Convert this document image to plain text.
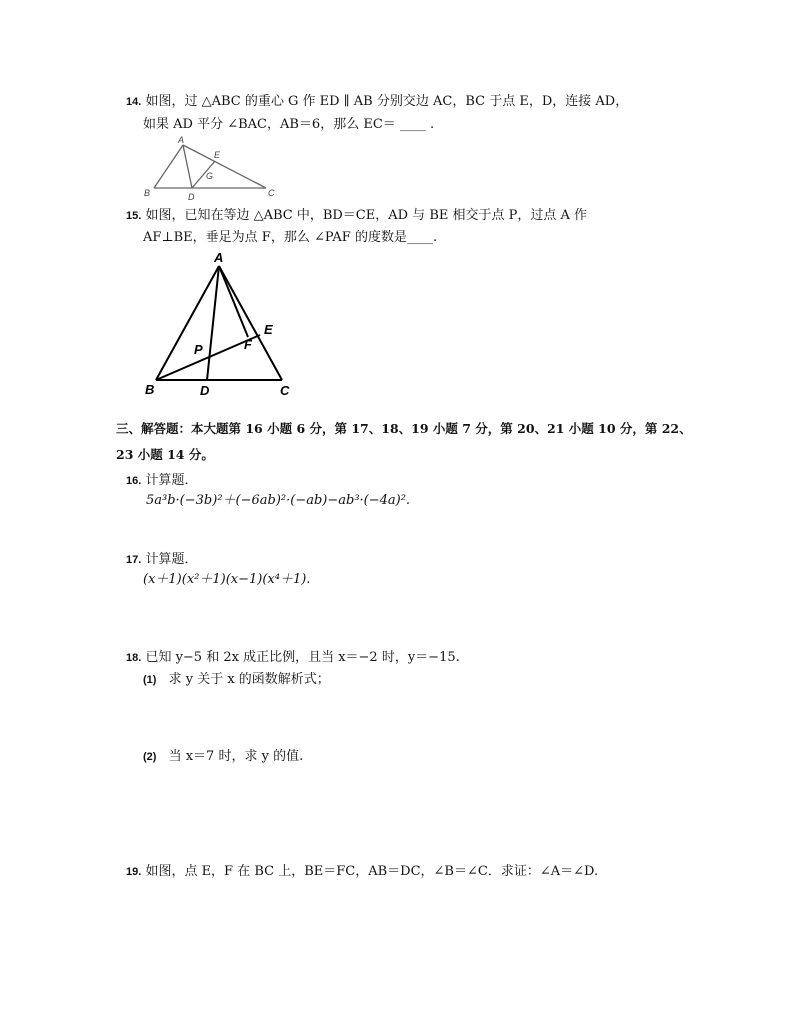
14. 如图，过 △ABC 的重心 G 作 ED ∥ AB 分别交边 AC，BC 于点 E，D，连接 AD，
如果 AD 平分 ∠BAC，AB＝6，那么 EC＝ ____ .
A
B	C
D
E
G
15. 如图，已知在等边 △ABC 中，BD＝CE，AD 与 BE 相交于点 P，过点 A 作
AF⊥BE，垂足为点 F，那么 ∠PAF 的度数是____.
A
B	C
D
E
F
P
三、解答题：本大题第 16 小题 6 分，第 17、18、19 小题 7 分，第 20、21 小题 10 分，第 22、
23 小题 14 分。
16. 计算题．
5a³b·(−3b)²＋(−6ab)²·(−ab)−ab³·(−4a)².
17. 计算题．
(x＋1)(x²＋1)(x−1)(x⁴＋1).
18. 已知 y−5 和 2x 成正比例，且当 x＝−2 时，y＝−15.
(1) 求 y 关于 x 的函数解析式；
(2) 当 x＝7 时，求 y 的值.
19. 如图，点 E，F 在 BC 上，BE＝FC，AB＝DC，∠B＝∠C．求证：∠A＝∠D.
